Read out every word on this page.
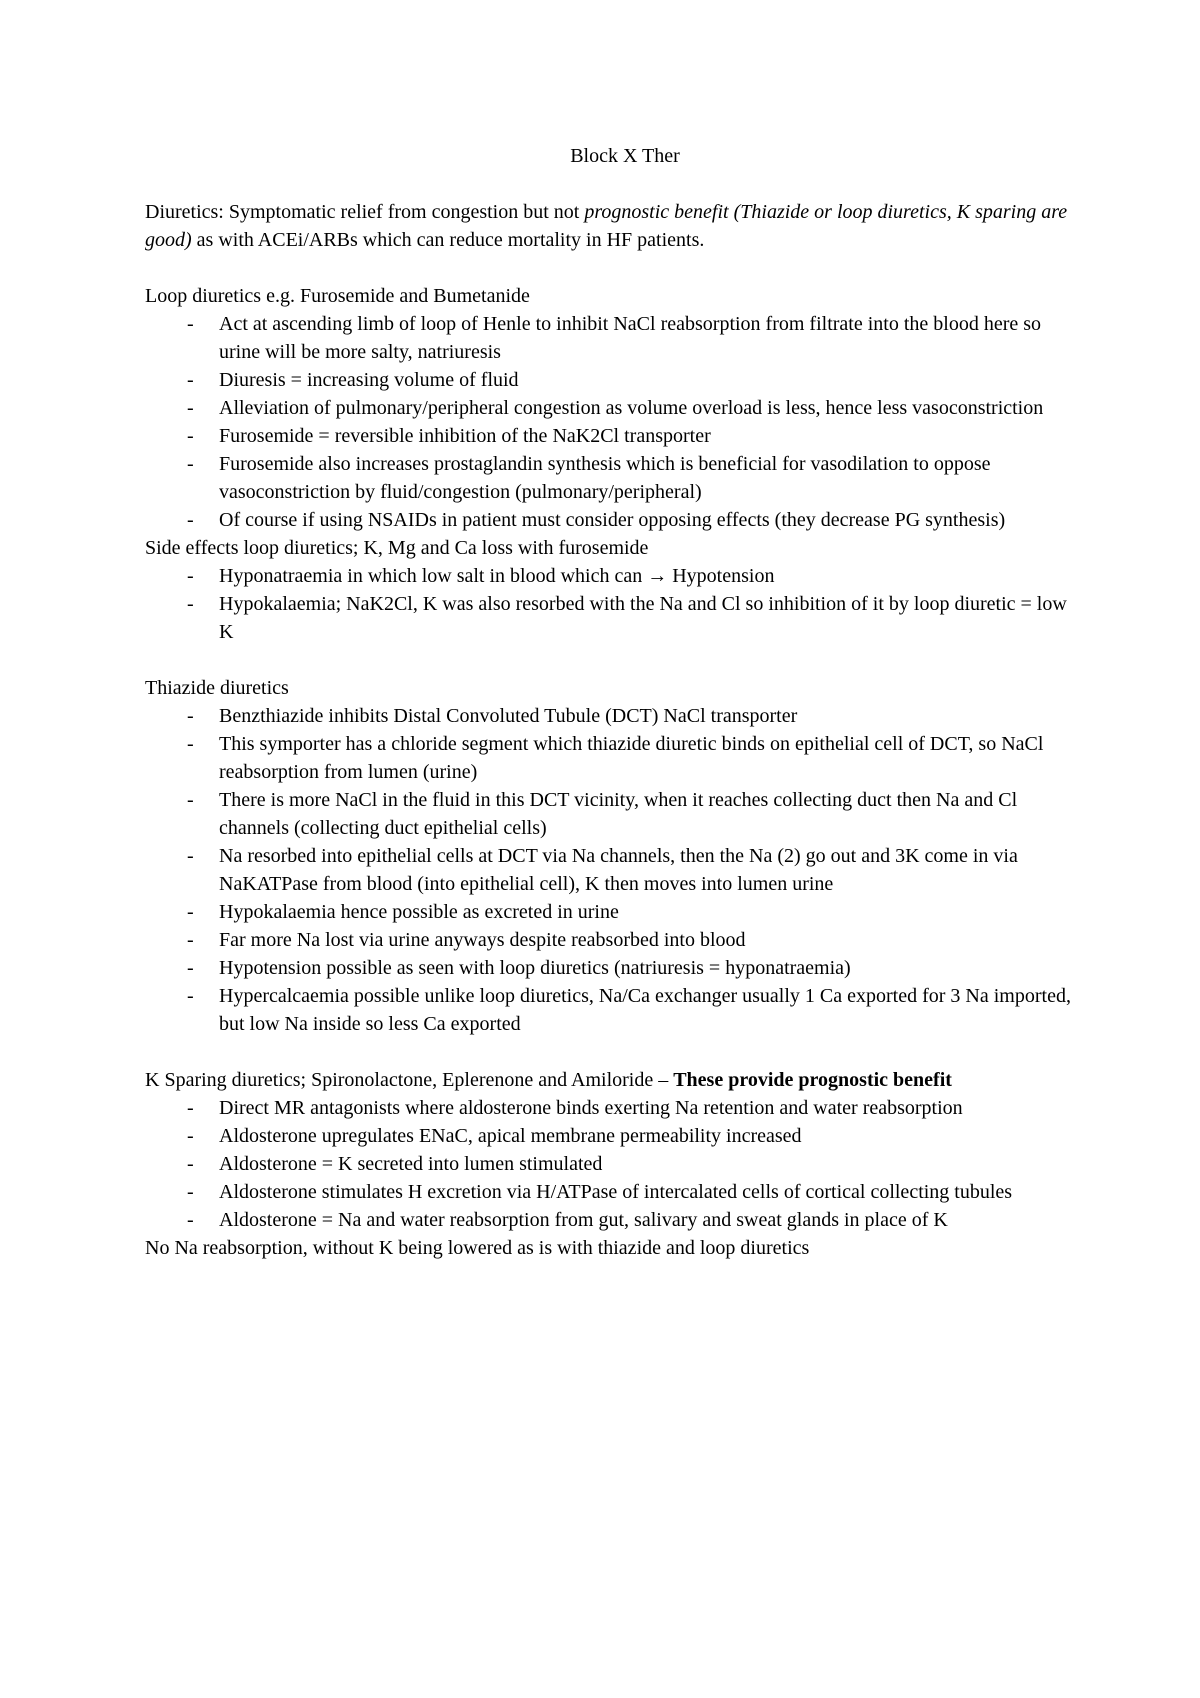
Block X Ther

Diuretics: Symptomatic relief from congestion but not prognostic benefit (Thiazide or loop diuretics, K sparing are good) as with ACEi/ARBs which can reduce mortality in HF patients.

Loop diuretics e.g. Furosemide and Bumetanide

- Act at ascending limb of loop of Henle to inhibit NaCl reabsorption from filtrate into the blood here so urine will be more salty, natriuresis
- Diuresis = increasing volume of fluid
- Alleviation of pulmonary/peripheral congestion as volume overload is less, hence less vasoconstriction
- Furosemide = reversible inhibition of the NaK2Cl transporter
- Furosemide also increases prostaglandin synthesis which is beneficial for vasodilation to oppose vasoconstriction by fluid/congestion (pulmonary/peripheral)
- Of course if using NSAIDs in patient must consider opposing effects (they decrease PG synthesis)

Side effects loop diuretics; K, Mg and Ca loss with furosemide

- Hyponatraemia in which low salt in blood which can → Hypotension
- Hypokalaemia; NaK2Cl, K was also resorbed with the Na and Cl so inhibition of it by loop diuretic = low K

Thiazide diuretics

- Benzthiazide inhibits Distal Convoluted Tubule (DCT) NaCl transporter
- This symporter has a chloride segment which thiazide diuretic binds on epithelial cell of DCT, so NaCl reabsorption from lumen (urine)
- There is more NaCl in the fluid in this DCT vicinity, when it reaches collecting duct then Na and Cl channels (collecting duct epithelial cells)
- Na resorbed into epithelial cells at DCT via Na channels, then the Na (2) go out and 3K come in via NaKATPase from blood (into epithelial cell), K then moves into lumen urine
- Hypokalaemia hence possible as excreted in urine
- Far more Na lost via urine anyways despite reabsorbed into blood
- Hypotension possible as seen with loop diuretics (natriuresis = hyponatraemia)
- Hypercalcaemia possible unlike loop diuretics, Na/Ca exchanger usually 1 Ca exported for 3 Na imported, but low Na inside so less Ca exported

K Sparing diuretics; Spironolactone, Eplerenone and Amiloride – These provide prognostic benefit

- Direct MR antagonists where aldosterone binds exerting Na retention and water reabsorption
- Aldosterone upregulates ENaC, apical membrane permeability increased
- Aldosterone = K secreted into lumen stimulated
- Aldosterone stimulates H excretion via H/ATPase of intercalated cells of cortical collecting tubules
- Aldosterone = Na and water reabsorption from gut, salivary and sweat glands in place of K

No Na reabsorption, without K being lowered as is with thiazide and loop diuretics
